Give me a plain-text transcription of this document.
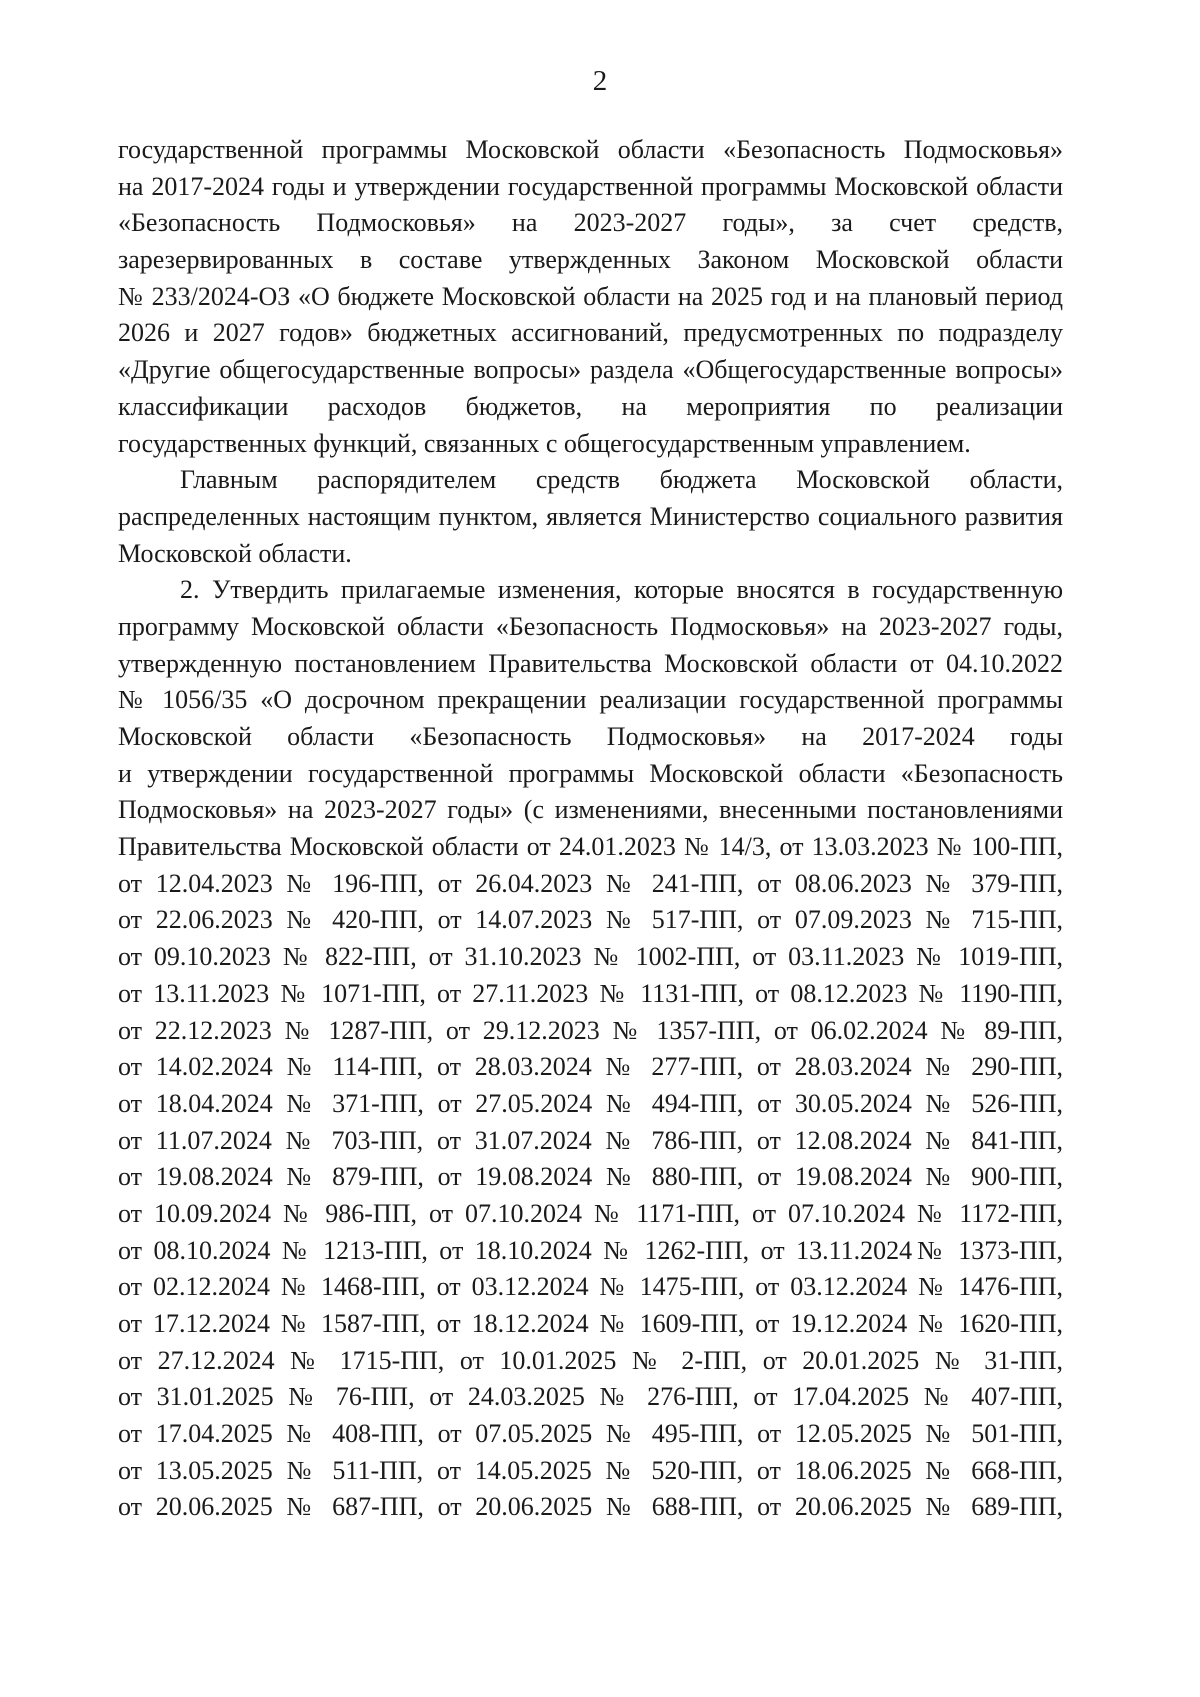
2
государственной программы Московской области «Безопасность Подмосковья»
на 2017-2024 годы и утверждении государственной программы Московской области
«Безопасность Подмосковья» на 2023-2027 годы», за счет средств,
зарезервированных в составе утвержденных Законом Московской области
№ 233/2024-ОЗ «О бюджете Московской области на 2025 год и на плановый период
2026 и 2027 годов» бюджетных ассигнований, предусмотренных по подразделу
«Другие общегосударственные вопросы» раздела «Общегосударственные вопросы»
классификации расходов бюджетов, на мероприятия по реализации
государственных функций, связанных с общегосударственным управлением.
Главным распорядителем средств бюджета Московской области,
распределенных настоящим пунктом, является Министерство социального развития
Московской области.
2. Утвердить прилагаемые изменения, которые вносятся в государственную
программу Московской области «Безопасность Подмосковья» на 2023-2027 годы,
утвержденную постановлением Правительства Московской области от 04.10.2022
№ 1056/35 «О досрочном прекращении реализации государственной программы
Московской области «Безопасность Подмосковья» на 2017-2024 годы
и утверждении государственной программы Московской области «Безопасность
Подмосковья» на 2023-2027 годы» (с изменениями, внесенными постановлениями
Правительства Московской области от 24.01.2023 № 14/3, от 13.03.2023 № 100-ПП,
от 12.04.2023 № 196-ПП, от 26.04.2023 № 241-ПП, от 08.06.2023 № 379-ПП,
от 22.06.2023 № 420-ПП, от 14.07.2023 № 517-ПП, от 07.09.2023 № 715-ПП,
от 09.10.2023 № 822-ПП, от 31.10.2023 № 1002-ПП, от 03.11.2023 № 1019-ПП,
от 13.11.2023 № 1071-ПП, от 27.11.2023 № 1131-ПП, от 08.12.2023 № 1190-ПП,
от 22.12.2023 № 1287-ПП, от 29.12.2023 № 1357-ПП, от 06.02.2024 № 89-ПП,
от 14.02.2024 № 114-ПП, от 28.03.2024 № 277-ПП, от 28.03.2024 № 290-ПП,
от 18.04.2024 № 371-ПП, от 27.05.2024 № 494-ПП, от 30.05.2024 № 526-ПП,
от 11.07.2024 № 703-ПП, от 31.07.2024 № 786-ПП, от 12.08.2024 № 841-ПП,
от 19.08.2024 № 879-ПП, от 19.08.2024 № 880-ПП, от 19.08.2024 № 900-ПП,
от 10.09.2024 № 986-ПП, от 07.10.2024 № 1171-ПП, от 07.10.2024 № 1172-ПП,
от 08.10.2024 № 1213-ПП, от 18.10.2024 № 1262-ПП, от 13.11.2024№ 1373-ПП,
от 02.12.2024 № 1468-ПП, от 03.12.2024 № 1475-ПП, от 03.12.2024 № 1476-ПП,
от 17.12.2024 № 1587-ПП, от 18.12.2024 № 1609-ПП, от 19.12.2024 № 1620-ПП,
от 27.12.2024 № 1715-ПП, от 10.01.2025 № 2-ПП, от 20.01.2025 № 31-ПП,
от 31.01.2025 № 76-ПП, от 24.03.2025 № 276-ПП, от 17.04.2025 № 407-ПП,
от 17.04.2025 № 408-ПП, от 07.05.2025 № 495-ПП, от 12.05.2025 № 501-ПП,
от 13.05.2025 № 511-ПП, от 14.05.2025 № 520-ПП, от 18.06.2025 № 668-ПП,
от 20.06.2025 № 687-ПП, от 20.06.2025 № 688-ПП, от 20.06.2025 № 689-ПП,
